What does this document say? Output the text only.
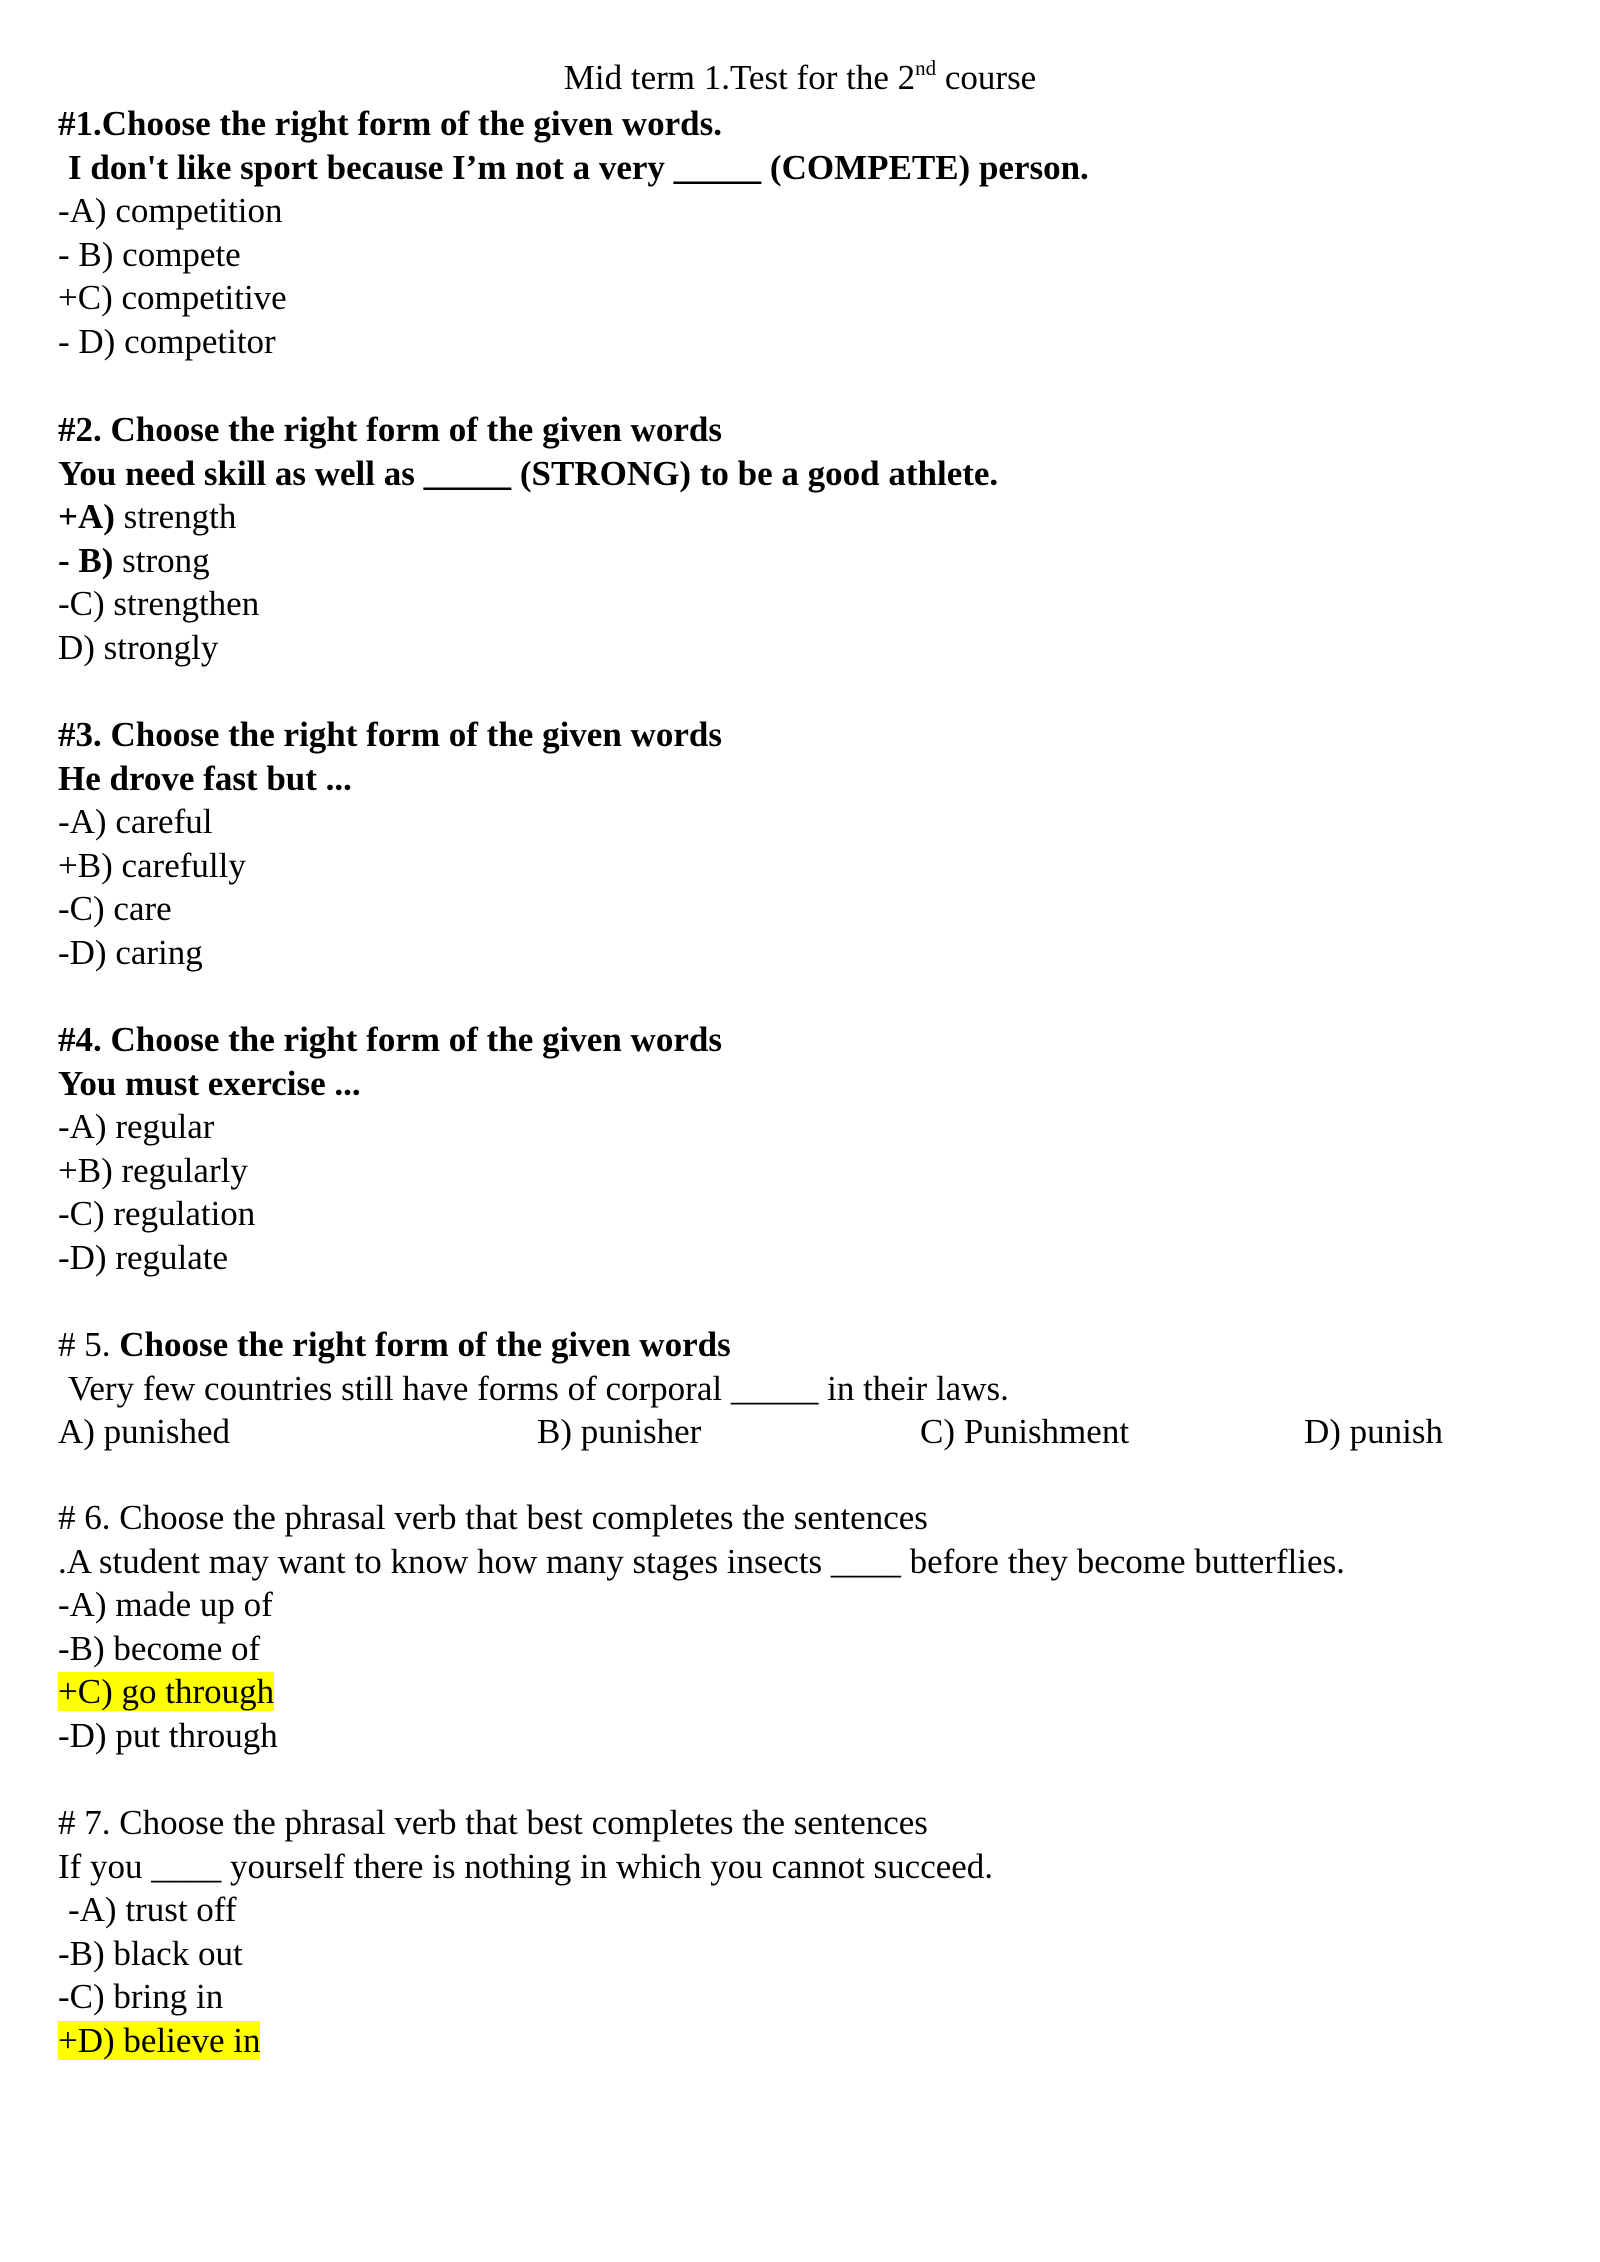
Mid term 1.Test for the 2nd course
#1.Choose the right form of the given words.
I don't like sport because I’m not a very _____ (COMPETE) person.
-A) competition
- B) compete
+C) competitive
- D) competitor
#2. Choose the right form of the given words
You need skill as well as _____ (STRONG) to be a good athlete.
+A) strength
- B) strong
-C) strengthen
D) strongly
#3. Choose the right form of the given words
He drove fast but ...
-A) careful
+B) carefully
-C) care
-D) caring
#4. Choose the right form of the given words
You must exercise ...
-A) regular
+B) regularly
-C) regulation
-D) regulate
# 5. Choose the right form of the given words
Very few countries still have forms of corporal _____ in their laws.
A) punished	B) punisher	C) Punishment	D) punish
# 6. Choose the phrasal verb that best completes the sentences
.A student may want to know how many stages insects ____ before they become butterflies.
-A) made up of
-B) become of
+C) go through
-D) put through
# 7. Choose the phrasal verb that best completes the sentences
If you ____ yourself there is nothing in which you cannot succeed.
-A) trust off
-B) black out
-C) bring in
+D) believe in
